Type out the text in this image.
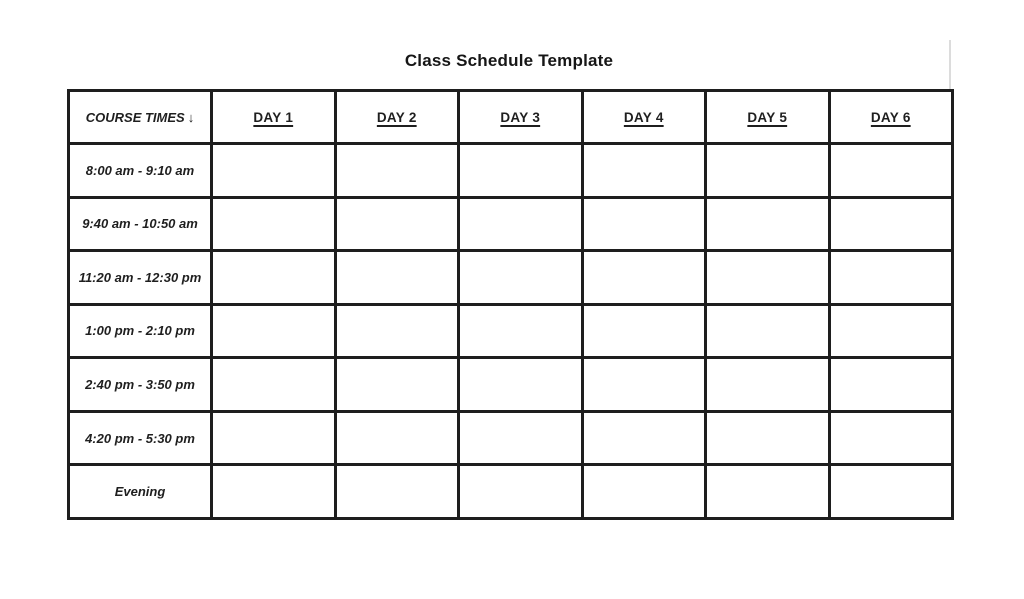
Class Schedule Template
COURSE TIMES ↓	DAY 1	DAY 2	DAY 3	DAY 4	DAY 5	DAY 6
8:00 am - 9:10 am						
9:40 am - 10:50 am						
11:20 am - 12:30 pm						
1:00 pm - 2:10 pm						
2:40 pm - 3:50 pm						
4:20 pm - 5:30 pm						
Evening						
